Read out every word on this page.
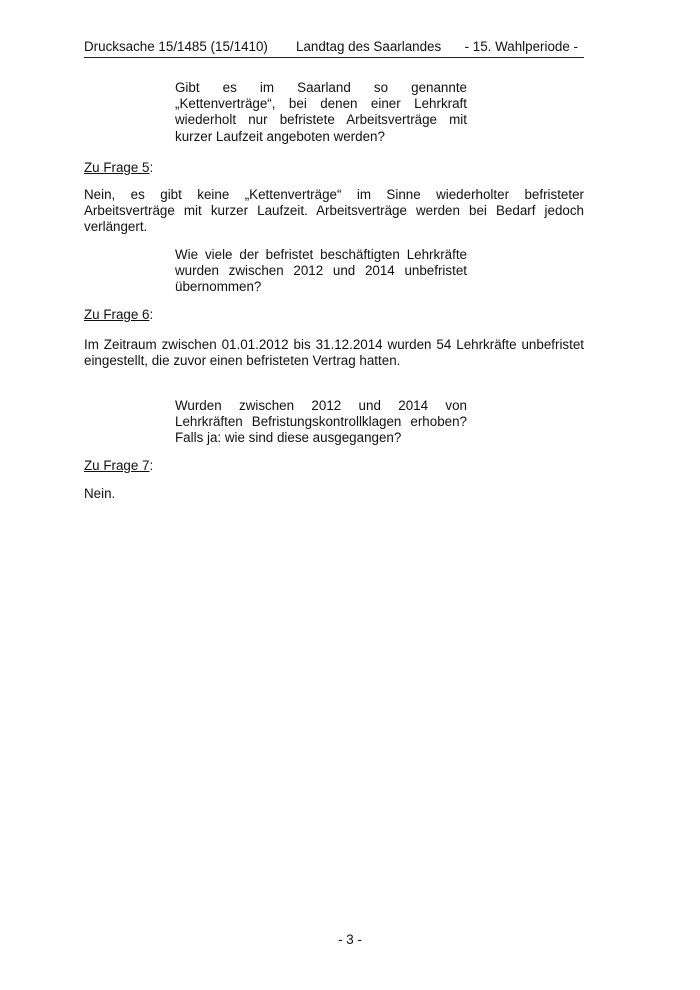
Drucksache 15/1485 (15/1410) Landtag des Saarlandes - 15. Wahlperiode -
Gibt es im Saarland so genannte „Kettenverträge“, bei denen einer Lehrkraft wiederholt nur befristete Arbeitsverträge mit kurzer Laufzeit angeboten werden?
Zu Frage 5:
Nein, es gibt keine „Kettenverträge“ im Sinne wiederholter befristeter Arbeitsverträge mit kurzer Laufzeit. Arbeitsverträge werden bei Bedarf jedoch verlängert.
Wie viele der befristet beschäftigten Lehrkräfte wurden zwischen 2012 und 2014 unbefristet übernommen?
Zu Frage 6:
Im Zeitraum zwischen 01.01.2012 bis 31.12.2014 wurden 54 Lehrkräfte unbefristet eingestellt, die zuvor einen befristeten Vertrag hatten.
Wurden zwischen 2012 und 2014 von Lehrkräften Befristungskontrollklagen erhoben? Falls ja: wie sind diese ausgegangen?
Zu Frage 7:
Nein.
- 3 -
